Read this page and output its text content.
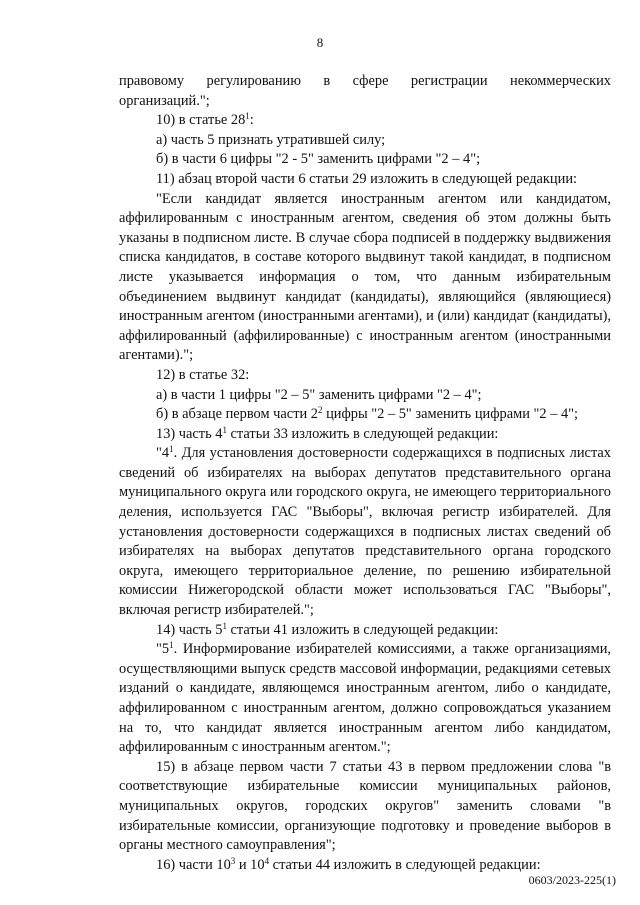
8

правовому регулированию в сфере регистрации некоммерческих организаций.";

10) в статье $28^1$:

а) часть 5 признать утратившей силу;

б) в части 6 цифры "2 - 5" заменить цифрами "2 – 4";

11) абзац второй части 6 статьи 29 изложить в следующей редакции:

"Если кандидат является иностранным агентом или кандидатом, аффилированным с иностранным агентом, сведения об этом должны быть указаны в подписном листе. В случае сбора подписей в поддержку выдвижения списка кандидатов, в составе которого выдвинут такой кандидат, в подписном листе указывается информация о том, что данным избирательным объединением выдвинут кандидат (кандидаты), являющийся (являющиеся) иностранным агентом (иностранными агентами), и (или) кандидат (кандидаты), аффилированный (аффилированные) с иностранным агентом (иностранными агентами).";

12) в статье 32:

а) в части 1 цифры "2 – 5" заменить цифрами "2 – 4";

б) в абзаце первом части $2^2$ цифры "2 – 5" заменить цифрами "2 – 4";

13) часть $4^1$ статьи 33 изложить в следующей редакции:

"$4^1$. Для установления достоверности содержащихся в подписных листах сведений об избирателях на выборах депутатов представительного органа муниципального округа или городского округа, не имеющего территориального деления, используется ГАС "Выборы", включая регистр избирателей. Для установления достоверности содержащихся в подписных листах сведений об избирателях на выборах депутатов представительного органа городского округа, имеющего территориальное деление, по решению избирательной комиссии Нижегородской области может использоваться ГАС "Выборы", включая регистр избирателей.";

14) часть $5^1$ статьи 41 изложить в следующей редакции:

"$5^1$. Информирование избирателей комиссиями, а также организациями, осуществляющими выпуск средств массовой информации, редакциями сетевых изданий о кандидате, являющемся иностранным агентом, либо о кандидате, аффилированном с иностранным агентом, должно сопровождаться указанием на то, что кандидат является иностранным агентом либо кандидатом, аффилированным с иностранным агентом.";

15) в абзаце первом части 7 статьи 43 в первом предложении слова "в соответствующие избирательные комиссии муниципальных районов, муниципальных округов, городских округов" заменить словами "в избирательные комиссии, организующие подготовку и проведение выборов в органы местного самоуправления";

16) части $10^3$ и $10^4$ статьи 44 изложить в следующей редакции:

0603/2023-225(1)
